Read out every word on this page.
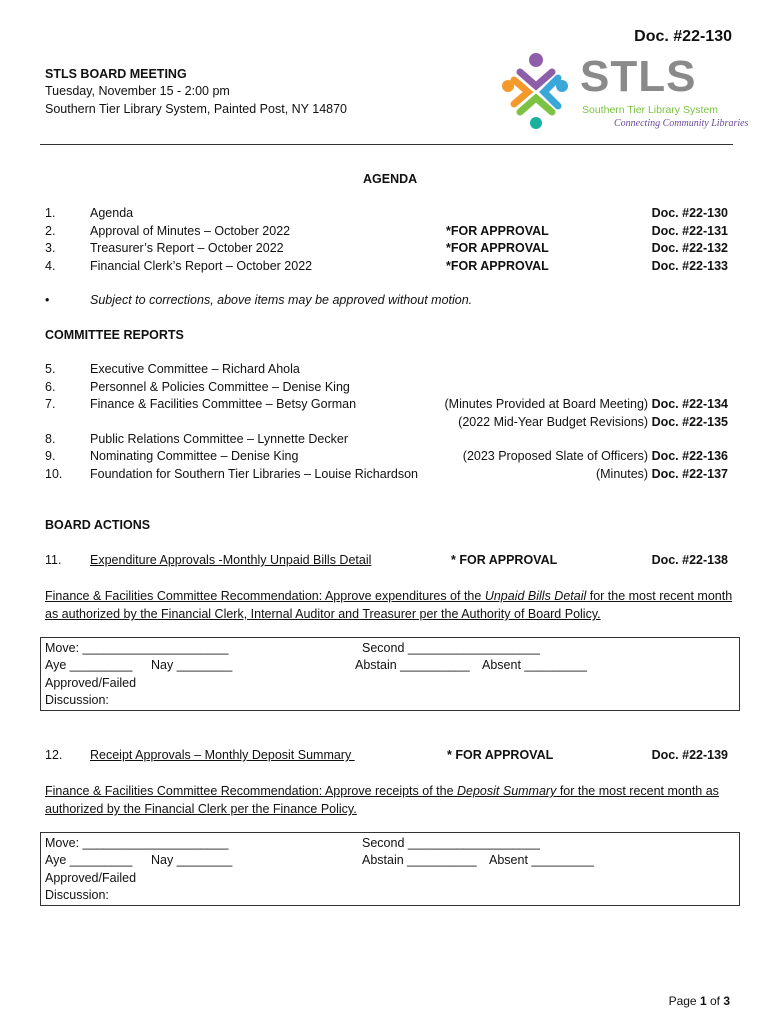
Doc. #22-130
STLS BOARD MEETING
Tuesday, November 15 - 2:00 pm
Southern Tier Library System, Painted Post, NY 14870
STLS
Southern Tier Library System
Connecting Community Libraries
AGENDA
1.	Agenda	Doc. #22-130
2.	Approval of Minutes – October 2022	*FOR APPROVAL	Doc. #22-131
3.	Treasurer’s Report – October 2022	*FOR APPROVAL	Doc. #22-132
4.	Financial Clerk’s Report – October 2022	*FOR APPROVAL	Doc. #22-133
•	Subject to corrections, above items may be approved without motion.
COMMITTEE REPORTS
5.	Executive Committee – Richard Ahola
6.	Personnel & Policies Committee – Denise King
7.	Finance & Facilities Committee – Betsy Gorman	(Minutes Provided at Board Meeting) Doc. #22-134
(2022 Mid-Year Budget Revisions) Doc. #22-135
8.	Public Relations Committee – Lynnette Decker
9.	Nominating Committee – Denise King	(2023 Proposed Slate of Officers) Doc. #22-136
10. Foundation for Southern Tier Libraries – Louise Richardson	(Minutes) Doc. #22-137
BOARD ACTIONS
11. Expenditure Approvals -Monthly Unpaid Bills Detail	* FOR APPROVAL	Doc. #22-138
Finance & Facilities Committee Recommendation: Approve expenditures of the Unpaid Bills Detail for the most recent month as authorized by the Financial Clerk, Internal Auditor and Treasurer per the Authority of Board Policy.
Move: _____________________	Second ___________________
Aye _________ Nay ________	Abstain __________ Absent _________
Approved/Failed
Discussion:
12. Receipt Approvals – Monthly Deposit Summary	* FOR APPROVAL	Doc. #22-139
Finance & Facilities Committee Recommendation: Approve receipts of the Deposit Summary for the most recent month as authorized by the Financial Clerk per the Finance Policy.
Move: _____________________	Second ___________________
Aye _________ Nay ________	Abstain __________ Absent _________
Approved/Failed
Discussion:
Page 1 of 3
